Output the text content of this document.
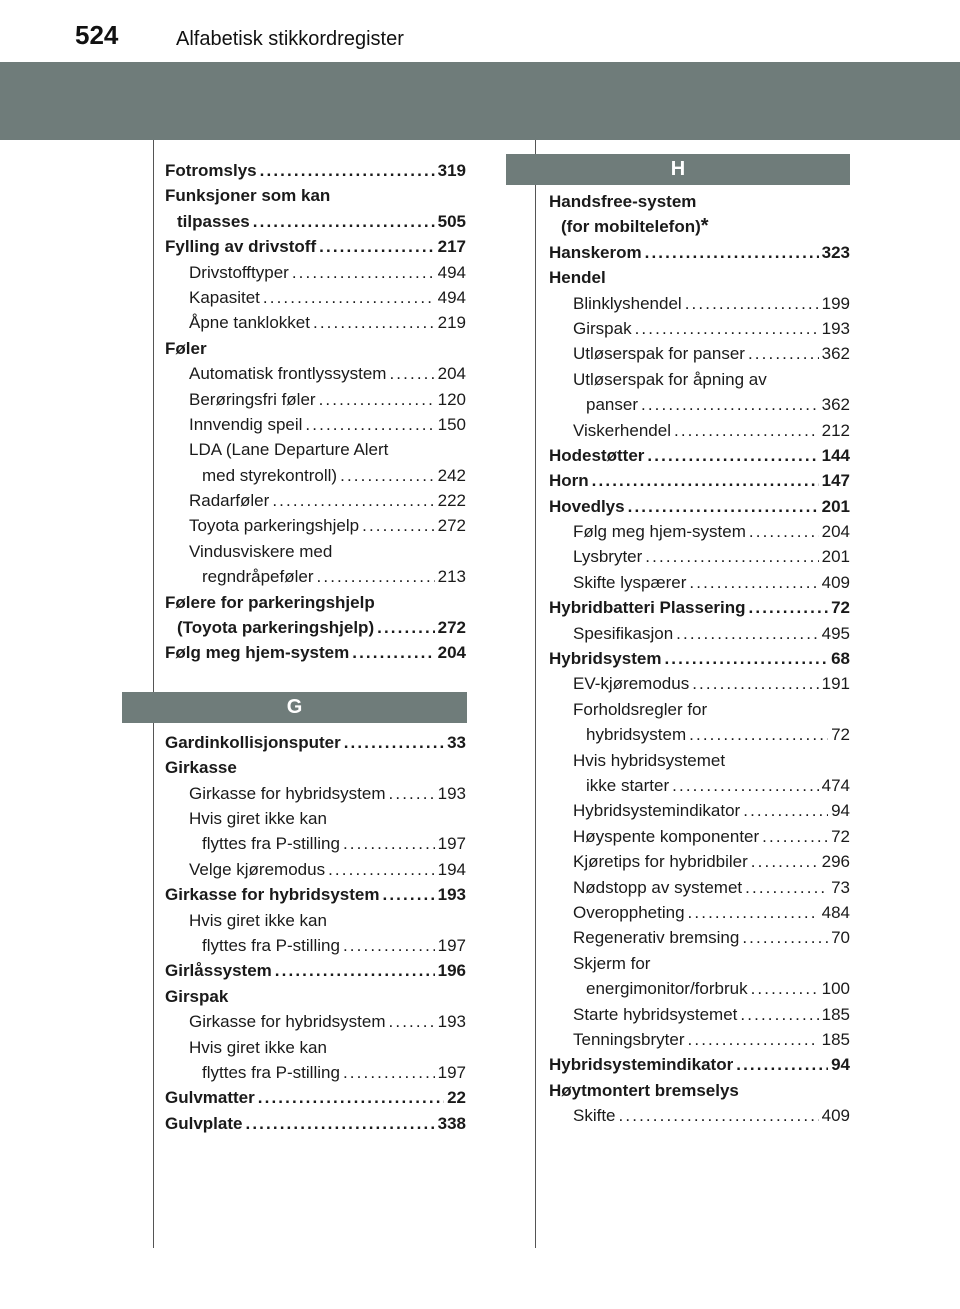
524	Alfabetisk stikkordregister
Fotromslys . . .	319
Funksjoner som kan
tilpasses . . .	505
Fylling av drivstoff . . .	217
Drivstofftyper . . .	494
Kapasitet . . .	494
Åpne tanklokket . . .	219
Føler
Automatisk frontlyssystem . . .	204
Berøringsfri føler . . .	120
Innvendig speil . . .	150
LDA (Lane Departure Alert
med styrekontroll) . . .	242
Radarføler . . .	222
Toyota parkeringshjelp . . .	272
Vindusviskere med
regndråpeføler . . .	213
Følere for parkeringshjelp
(Toyota parkeringshjelp) . . .	272
Følg meg hjem-system . . .	204
G
Gardinkollisjonsputer . . .	33
Girkasse
Girkasse for hybridsystem . . .	193
Hvis giret ikke kan
flyttes fra P-stilling . . .	197
Velge kjøremodus . . .	194
Girkasse for hybridsystem . . .	193
Hvis giret ikke kan
flyttes fra P-stilling . . .	197
Girlåssystem . . .	196
Girspak
Girkasse for hybridsystem . . .	193
Hvis giret ikke kan
flyttes fra P-stilling . . .	197
Gulvmatter . . .	22
Gulvplate . . .	338
H
Handsfree-system
(for mobiltelefon) *
Hanskerom . . .	323
Hendel
Blinklyshendel . . .	199
Girspak . . .	193
Utløserspak for panser . . .	362
Utløserspak for åpning av
panser . . .	362
Viskerhendel . . .	212
Hodestøtter . . .	144
Horn . . .	147
Hovedlys . . .	201
Følg meg hjem-system . . .	204
Lysbryter . . .	201
Skifte lyspærer . . .	409
Hybridbatteri Plassering . . .	72
Spesifikasjon . . .	495
Hybridsystem . . .	68
EV-kjøremodus . . .	191
Forholdsregler for
hybridsystem . . .	72
Hvis hybridsystemet
ikke starter . . .	474
Hybridsystemindikator . . .	94
Høyspente komponenter . . .	72
Kjøretips for hybridbiler . . .	296
Nødstopp av systemet . . .	73
Overoppheting . . .	484
Regenerativ bremsing . . .	70
Skjerm for
energimonitor/forbruk . . .	100
Starte hybridsystemet . . .	185
Tenningsbryter . . .	185
Hybridsystemindikator . . .	94
Høytmontert bremselys
Skifte . . .	409
